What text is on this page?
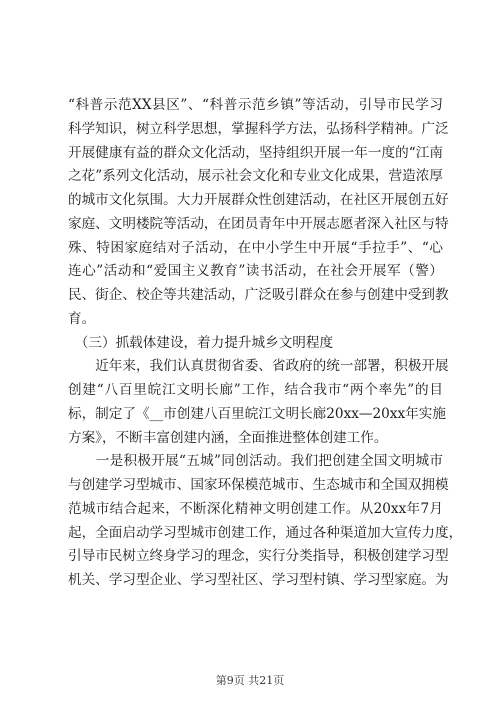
“科普示范XX县区”、“科普示范乡镇”等活动，引导市民学习
科学知识，树立科学思想，掌握科学方法，弘扬科学精神。广泛
开展健康有益的群众文化活动，坚持组织开展一年一度的“江南
之花”系列文化活动，展示社会文化和专业文化成果，营造浓厚
的城市文化氛围。大力开展群众性创建活动，在社区开展创五好
家庭、文明楼院等活动，在团员青年中开展志愿者深入社区与特
殊、特困家庭结对子活动，在中小学生中开展“手拉手”、“心
连心”活动和“爱国主义教育”读书活动，在社会开展军（警）
民、街企、校企等共建活动，广泛吸引群众在参与创建中受到教
育。
　（三）抓载体建设，着力提升城乡文明程度
　　近年来，我们认真贯彻省委、省政府的统一部署，积极开展
创建“八百里皖江文明长廊”工作，结合我市“两个率先”的目
标，制定了《__市创建八百里皖江文明长廊20xx—20xx年实施
方案》，不断丰富创建内涵，全面推进整体创建工作。
　　一是积极开展“五城”同创活动。我们把创建全国文明城市
与创建学习型城市、国家环保模范城市、生态城市和全国双拥模
范城市结合起来，不断深化精神文明创建工作。从20xx年7月
起，全面启动学习型城市创建工作，通过各种渠道加大宣传力度，
引导市民树立终身学习的理念，实行分类指导，积极创建学习型
机关、学习型企业、学习型社区、学习型村镇、学习型家庭。为
第9页 共21页
